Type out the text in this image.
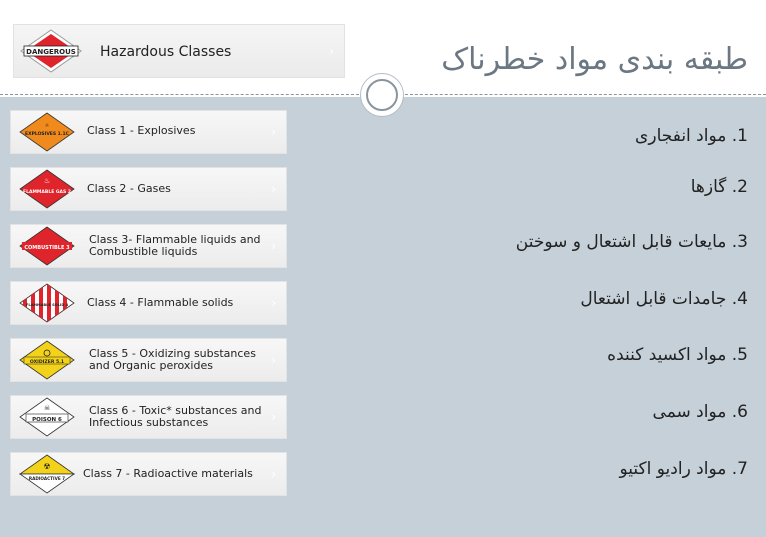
DANGEROUS Hazardous Classes	›	طبقه بندی مواد خطرناک
☼
EXPLOSIVES 1.1C Class 1 - Explosives	›
♨
FLAMMABLE GAS 2 Class 2 - Gases	›
COMBUSTIBLE 3
Class 3- Flammable liquids and Combustible liquids	›
FLAMMABLE SOLID 4 Class 4 - Flammable solids	›
OXIDIZER 5.1
Class 5 - Oxidizing substances and Organic peroxides	›
☠
POISON 6
Class 6 - Toxic* substances and Infectious substances	›
☢
RADIOACTIVE 7 Class 7 - Radioactive materials	›
1. مواد انفجاری
2. گازها
3. مایعات قابل اشتعال و سوختن
4. جامدات قابل اشتعال
5. مواد اکسید کننده
6. مواد سمی
7. مواد رادیو اکتیو
